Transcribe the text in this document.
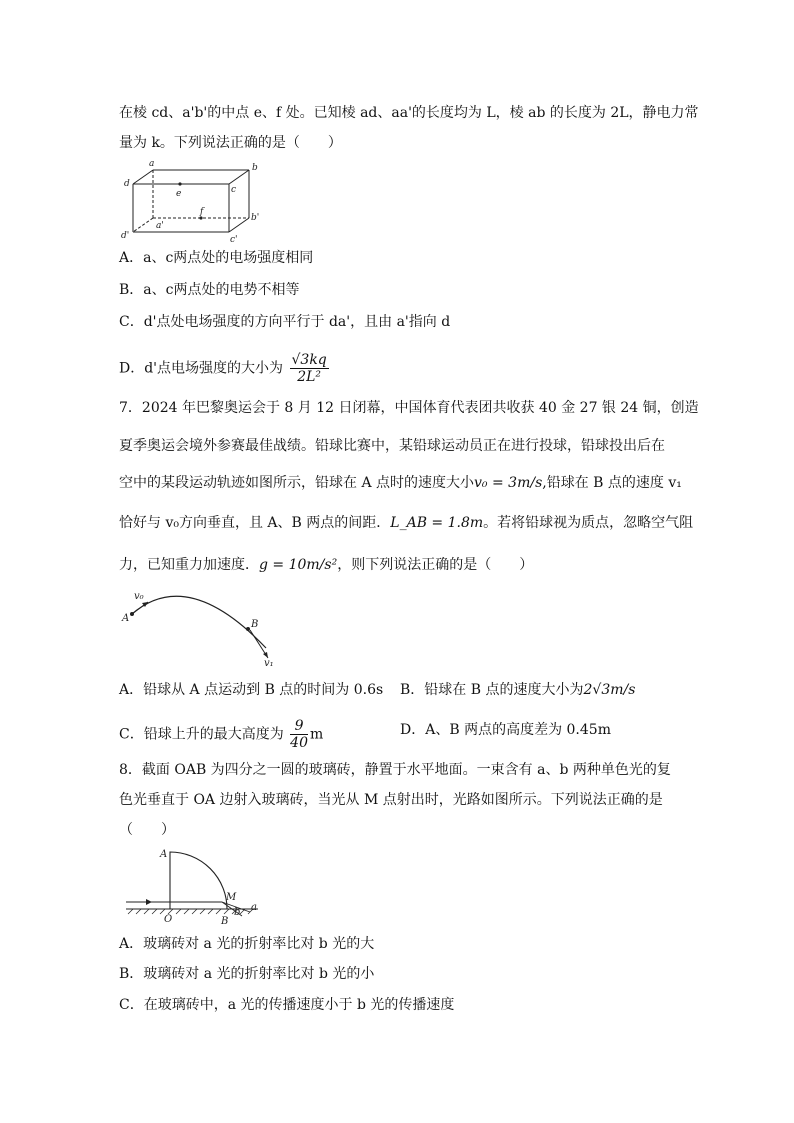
在棱 cd、a'b'的中点 e、f 处。已知棱 ad、aa'的长度均为 L，棱 ab 的长度为 2L，静电力常
量为 k。下列说法正确的是（　　）
a	b
c
d
e
f
a'
b'
c'
d'
A．a、c两点处的电场强度相同
B．a、c两点处的电势不相等
C．d'点处电场强度的方向平行于 da'，且由 a'指向 d
D．d'点电场强度的大小为 $\frac{√3kq}{\text{2L²}}$
7．2024 年巴黎奥运会于 8 月 12 日闭幕，中国体育代表团共收获 40 金 27 银 24 铜，创造
夏季奥运会境外参赛最佳战绩。铅球比赛中，某铅球运动员正在进行投球，铅球投出后在
空中的某段运动轨迹如图所示，铅球在 A 点时的速度大小v₀ = 3m/s,铅球在 B 点的速度 v₁
恰好与 v₀方向垂直，且 A、B 两点的间距．L_AB = 1.8m。若将铅球视为质点，忽略空气阻
力，已知重力加速度．g = 10m/s²，则下列说法正确的是（　　）
v₀
A
B
v₁
A．铅球从 A 点运动到 B 点的时间为 0.6s B．铅球在 B 点的速度大小为2√3m/s
C．铅球上升的最大高度为 $\frac{9}{40}$ m	D．A、B 两点的高度差为 0.45m
8．截面 OAB 为四分之一圆的玻璃砖，静置于水平地面。一束含有 a、b 两种单色光的复
色光垂直于 OA 边射入玻璃砖，当光从 M 点射出时，光路如图所示。下列说法正确的是
（　　）
A
O	B
M
a
b
A．玻璃砖对 a 光的折射率比对 b 光的大
B．玻璃砖对 a 光的折射率比对 b 光的小
C．在玻璃砖中，a 光的传播速度小于 b 光的传播速度
